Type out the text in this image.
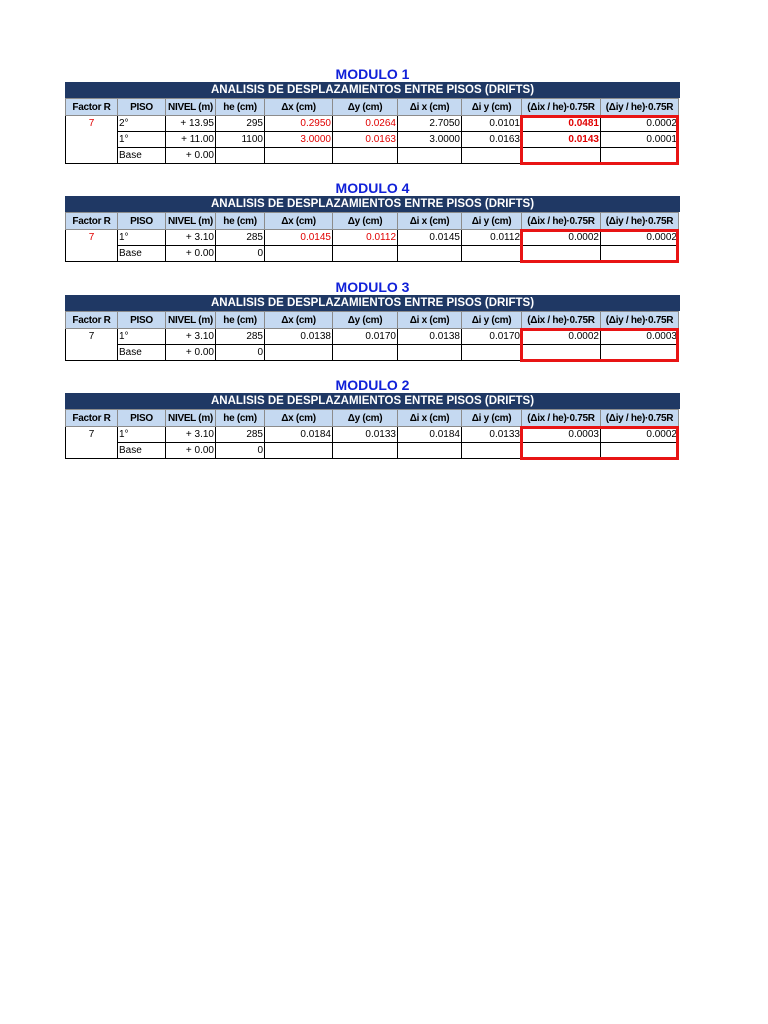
MODULO 1
ANALISIS DE DESPLAZAMIENTOS ENTRE PISOS (DRIFTS)
Factor R	PISO	NIVEL (m)	he (cm)	Δx (cm)	Δy (cm)	Δi x (cm)	Δi y (cm)	(Δix / he)·0.75R	(Δiy / he)·0.75R
7	2°	+ 13.95	295	0.2950	0.0264	2.7050	0.0101	0.0481	0.0002
	1°	+ 11.00	1100	3.0000	0.0163	3.0000	0.0163	0.0143	0.0001
	Base	+ 0.00							
MODULO 4
ANALISIS DE DESPLAZAMIENTOS ENTRE PISOS (DRIFTS)
Factor R	PISO	NIVEL (m)	he (cm)	Δx (cm)	Δy (cm)	Δi x (cm)	Δi y (cm)	(Δix / he)·0.75R	(Δiy / he)·0.75R
7	1°	+ 3.10	285	0.0145	0.0112	0.0145	0.0112	0.0002	0.0002
	Base	+ 0.00	0						
MODULO 3
ANALISIS DE DESPLAZAMIENTOS ENTRE PISOS (DRIFTS)
Factor R	PISO	NIVEL (m)	he (cm)	Δx (cm)	Δy (cm)	Δi x (cm)	Δi y (cm)	(Δix / he)·0.75R	(Δiy / he)·0.75R
7	1°	+ 3.10	285	0.0138	0.0170	0.0138	0.0170	0.0002	0.0003
	Base	+ 0.00	0						
MODULO 2
ANALISIS DE DESPLAZAMIENTOS ENTRE PISOS (DRIFTS)
Factor R	PISO	NIVEL (m)	he (cm)	Δx (cm)	Δy (cm)	Δi x (cm)	Δi y (cm)	(Δix / he)·0.75R	(Δiy / he)·0.75R
7	1°	+ 3.10	285	0.0184	0.0133	0.0184	0.0133	0.0003	0.0002
	Base	+ 0.00	0						
